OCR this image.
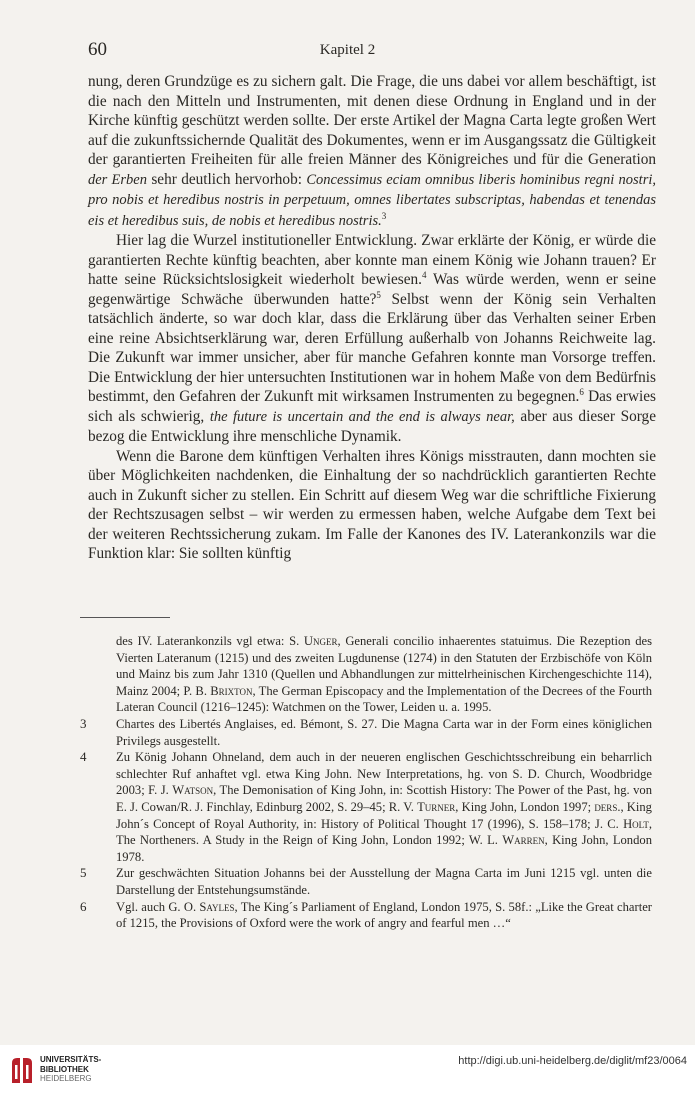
60	Kapitel 2

nung, deren Grundzüge es zu sichern galt. Die Frage, die uns dabei vor allem beschäftigt, ist die nach den Mitteln und Instrumenten, mit denen diese Ordnung in England und in der Kirche künftig geschützt werden sollte. Der erste Artikel der Magna Carta legte großen Wert auf die zukunftssichernde Qualität des Dokumentes, wenn er im Ausgangssatz die Gültigkeit der garantierten Freiheiten für alle freien Männer des Königreiches und für die Generation der Erben sehr deutlich hervorhob: Concessimus eciam omnibus liberis hominibus regni nostri, pro nobis et heredibus nostris in perpetuum, omnes libertates subscriptas, habendas et tenendas eis et heredibus suis, de nobis et heredibus nostris.$^3$

Hier lag die Wurzel institutioneller Entwicklung. Zwar erklärte der König, er würde die garantierten Rechte künftig beachten, aber konnte man einem König wie Johann trauen? Er hatte seine Rücksichtslosigkeit wiederholt bewiesen.$^4$ Was würde werden, wenn er seine gegenwärtige Schwäche überwunden hatte?$^5$ Selbst wenn der König sein Verhalten tatsächlich änderte, so war doch klar, dass die Erklärung über das Verhalten seiner Erben eine reine Absichtserklärung war, deren Erfüllung außerhalb von Johanns Reichweite lag. Die Zukunft war immer unsicher, aber für manche Gefahren konnte man Vorsorge treffen. Die Entwicklung der hier untersuchten Institutionen war in hohem Maße von dem Bedürfnis bestimmt, den Gefahren der Zukunft mit wirksamen Instrumenten zu begegnen.$^6$ Das erwies sich als schwierig, the future is uncertain and the end is always near, aber aus dieser Sorge bezog die Entwicklung ihre menschliche Dynamik.

Wenn die Barone dem künftigen Verhalten ihres Königs misstrauten, dann mochten sie über Möglichkeiten nachdenken, die Einhaltung der so nachdrücklich garantierten Rechte auch in Zukunft sicher zu stellen. Ein Schritt auf diesem Weg war die schriftliche Fixierung der Rechtszusagen selbst – wir werden zu ermessen haben, welche Aufgabe dem Text bei der weiteren Rechtssicherung zukam. Im Falle der Kanones des IV. Laterankonzils war die Funktion klar: Sie sollten künftig

des IV. Laterankonzils vgl etwa: S. Unger, Generali concilio inhaerentes statuimus. Die Rezeption des Vierten Lateranum (1215) und des zweiten Lugdunense (1274) in den Statuten der Erzbischöfe von Köln und Mainz bis zum Jahr 1310 (Quellen und Abhandlungen zur mittelrheinischen Kirchengeschichte 114), Mainz 2004; P. B. Brixton, The German Episcopacy and the Implementation of the Decrees of the Fourth Lateran Council (1216–1245): Watchmen on the Tower, Leiden u. a. 1995.
3 Chartes des Libertés Anglaises, ed. Bémont, S. 27. Die Magna Carta war in der Form eines königlichen Privilegs ausgestellt.
4 Zu König Johann Ohneland, dem auch in der neueren englischen Geschichtsschreibung ein beharrlich schlechter Ruf anhaftet vgl. etwa King John. New Interpretations, hg. von S. D. Church, Woodbridge 2003; F. J. Watson, The Demonisation of King John, in: Scottish History: The Power of the Past, hg. von E. J. Cowan/R. J. Finchlay, Edinburg 2002, S. 29–45; R. V. Turner, King John, London 1997; ders., King John´s Concept of Royal Authority, in: History of Political Thought 17 (1996), S. 158–178; J. C. Holt, The Northeners. A Study in the Reign of King John, London 1992; W. L. Warren, King John, London 1978.
5 Zur geschwächten Situation Johanns bei der Ausstellung der Magna Carta im Juni 1215 vgl. unten die Darstellung der Entstehungsumstände.
6 Vgl. auch G. O. Sayles, The King´s Parliament of England, London 1975, S. 58f.: „Like the Great charter of 1215, the Provisions of Oxford were the work of angry and fearful men …“
UNIVERSITÄTS-
BIBLIOTHEK
HEIDELBERG
http://digi.ub.uni-heidelberg.de/diglit/mf23/0064
